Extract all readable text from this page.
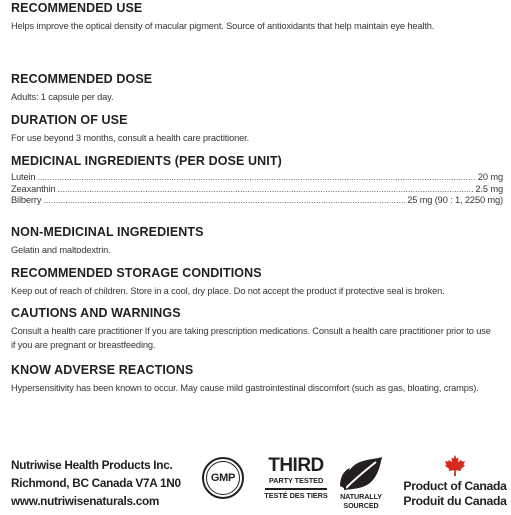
RECOMMENDED USE
Helps improve the optical density of macular pigment. Source of antioxidants that help maintain eye health.
RECOMMENDED DOSE
Adults: 1 capsule per day.
DURATION OF USE
For use beyond 3 months, consult a health care practitioner.
MEDICINAL INGREDIENTS (PER DOSE UNIT)
Lutein .....	20 mg
Zeaxanthin .....	2.5 mg
Bilberry .....	25 mg (90 : 1, 2250 mg)
NON-MEDICINAL INGREDIENTS
Gelatin and maltodextrin.
RECOMMENDED STORAGE CONDITIONS
Keep out of reach of children. Store in a cool, dry place. Do not accept the product if protective seal is broken.
CAUTIONS AND WARNINGS
Consult a health care practitioner If you are taking prescription medications. Consult a health care practitioner prior to use if you are pregnant or breastfeeding.
KNOW ADVERSE REACTIONS
Hypersensitivity has been known to occur. May cause mild gastrointestinal discomfort (such as gas, bloating, cramps).
Nutriwise Health Products Inc.
Richmond, BC Canada V7A 1N0
www.nutriwisenaturals.com
GMP
THIRD
PARTY TESTED
TESTÉ DES TIERS	NATURALLY
SOURCED
Product of Canada
Produit du Canada
